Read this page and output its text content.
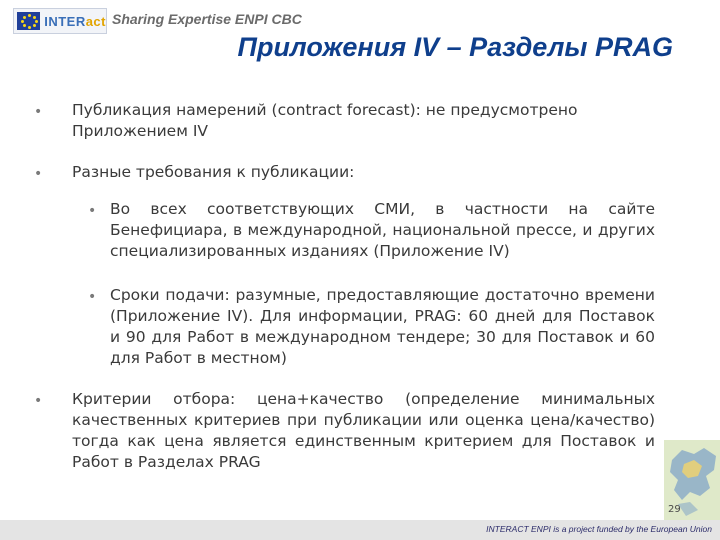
INTERact Sharing Expertise ENPI CBC
Приложения IV – Разделы PRAG
• Публикация намерений (contract forecast): не предусмотрено Приложением IV
• Разные требования к публикации:
• Во всех соответствующих СМИ, в частности на сайте Бенефициара, в международной, национальной прессе, и других специализированных изданиях (Приложение IV)
• Сроки подачи: разумные, предоставляющие достаточно времени (Приложение IV). Для информации, PRAG: 60 дней для Поставок и 90 для Работ в международном тендере; 30 для Поставок и 60 для Работ в местном)
• Критерии отбора: цена+качество (определение минимальных качественных критериев при публикации или оценка цена/качество) тогда как цена является единственным критерием для Поставок и Работ в Разделах PRAG
29
INTERACT ENPI is a project funded by the European Union
